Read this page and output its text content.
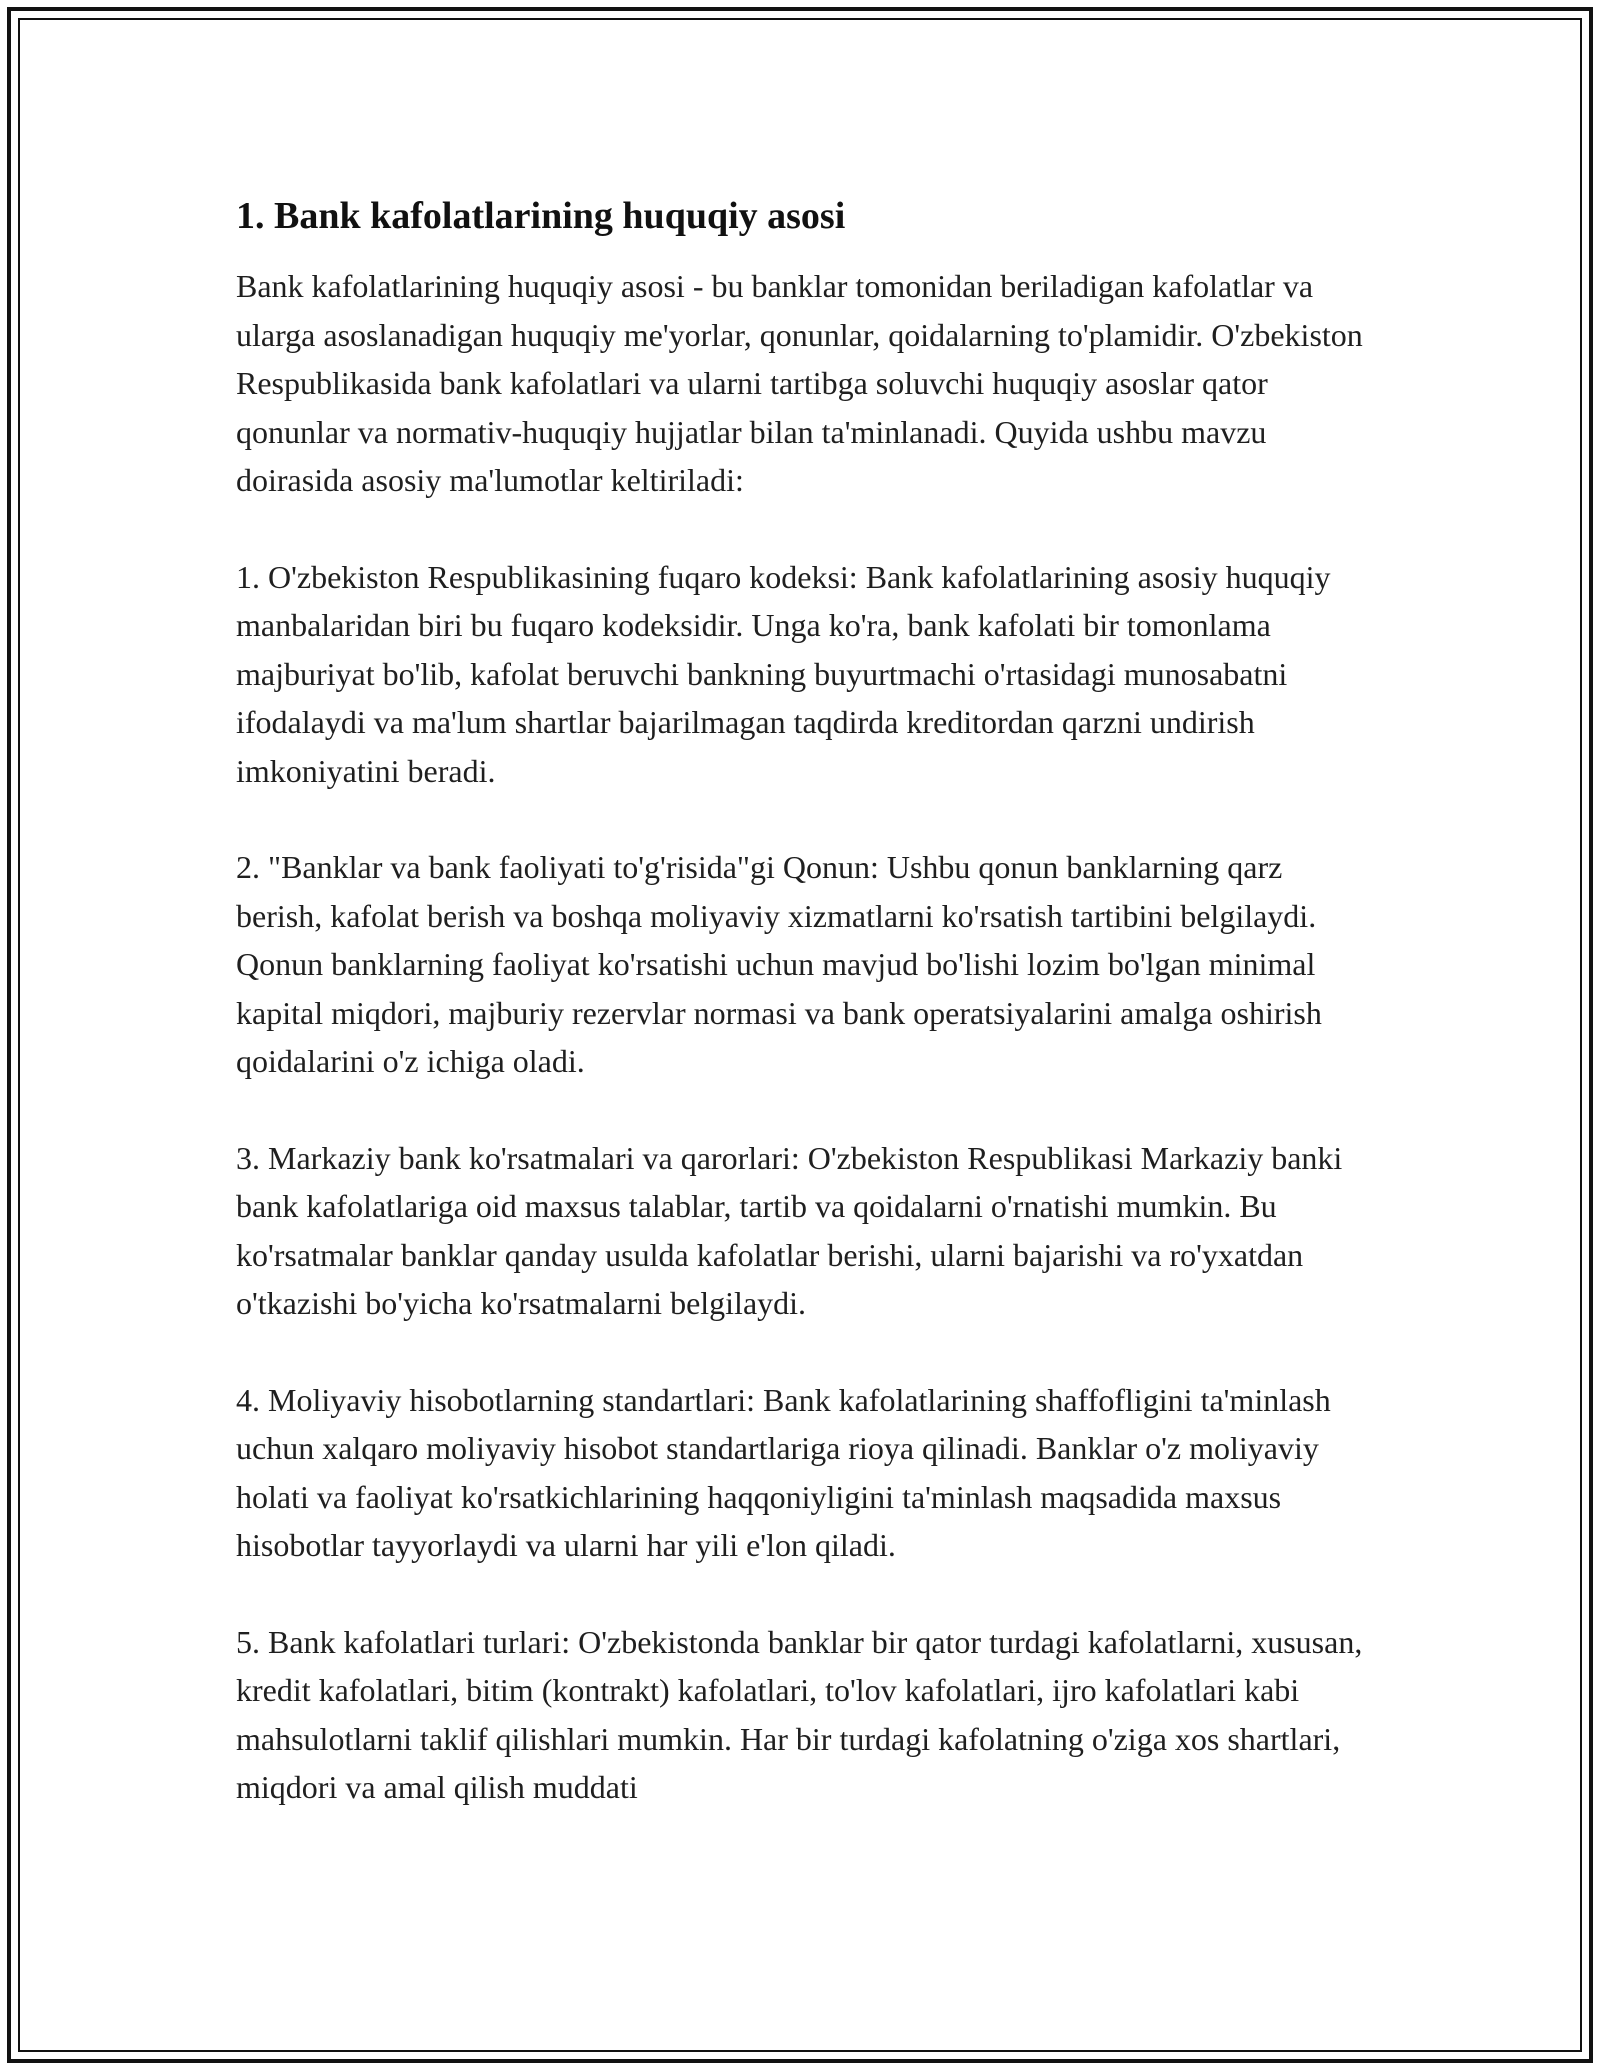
1. Bank kafolatlarining huquqiy asosi

Bank kafolatlarining huquqiy asosi - bu banklar tomonidan beriladigan kafolatlar va ularga asoslanadigan huquqiy me'yorlar, qonunlar, qoidalarning to'plamidir. O'zbekiston Respublikasida bank kafolatlari va ularni tartibga soluvchi huquqiy asoslar qator qonunlar va normativ-huquqiy hujjatlar bilan ta'minlanadi. Quyida ushbu mavzu doirasida asosiy ma'lumotlar keltiriladi:

1. O'zbekiston Respublikasining fuqaro kodeksi: Bank kafolatlarining asosiy huquqiy manbalaridan biri bu fuqaro kodeksidir. Unga ko'ra, bank kafolati bir tomonlama majburiyat bo'lib, kafolat beruvchi bankning buyurtmachi o'rtasidagi munosabatni ifodalaydi va ma'lum shartlar bajarilmagan taqdirda kreditordan qarzni undirish imkoniyatini beradi.

2. "Banklar va bank faoliyati to'g'risida"gi Qonun: Ushbu qonun banklarning qarz berish, kafolat berish va boshqa moliyaviy xizmatlarni ko'rsatish tartibini belgilaydi. Qonun banklarning faoliyat ko'rsatishi uchun mavjud bo'lishi lozim bo'lgan minimal kapital miqdori, majburiy rezervlar normasi va bank operatsiyalarini amalga oshirish qoidalarini o'z ichiga oladi.

3. Markaziy bank ko'rsatmalari va qarorlari: O'zbekiston Respublikasi Markaziy banki bank kafolatlariga oid maxsus talablar, tartib va qoidalarni o'rnatishi mumkin. Bu ko'rsatmalar banklar qanday usulda kafolatlar berishi, ularni bajarishi va ro'yxatdan o'tkazishi bo'yicha ko'rsatmalarni belgilaydi.

4. Moliyaviy hisobotlarning standartlari: Bank kafolatlarining shaffofligini ta'minlash uchun xalqaro moliyaviy hisobot standartlariga rioya qilinadi. Banklar o'z moliyaviy holati va faoliyat ko'rsatkichlarining haqqoniyligini ta'minlash maqsadida maxsus hisobotlar tayyorlaydi va ularni har yili e'lon qiladi.

5. Bank kafolatlari turlari: O'zbekistonda banklar bir qator turdagi kafolatlarni, xususan, kredit kafolatlari, bitim (kontrakt) kafolatlari, to'lov kafolatlari, ijro kafolatlari kabi mahsulotlarni taklif qilishlari mumkin. Har bir turdagi kafolatning o'ziga xos shartlari, miqdori va amal qilish muddati
